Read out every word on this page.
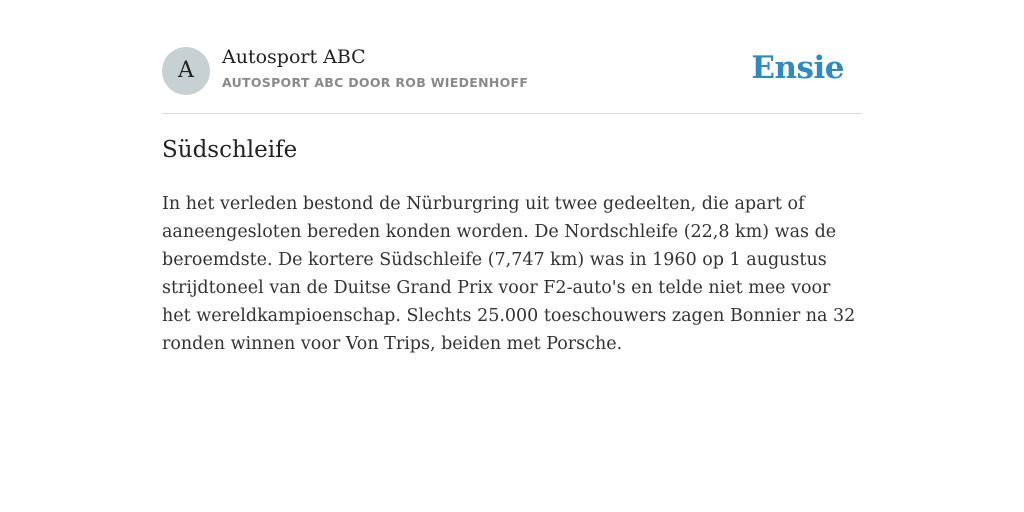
A
Autosport ABC
AUTOSPORT ABC DOOR ROB WIEDENHOFF	Ensie
Südschleife

In het verleden bestond de Nürburgring uit twee gedeelten, die apart of aaneengesloten bereden konden worden. De Nordschleife (22,8 km) was de beroemdste. De kortere Südschleife (7,747 km) was in 1960 op 1 augustus strijdtoneel van de Duitse Grand Prix voor F2-auto's en telde niet mee voor het wereldkampioenschap. Slechts 25.000 toeschouwers zagen Bonnier na 32 ronden winnen voor Von Trips, beiden met Porsche.
